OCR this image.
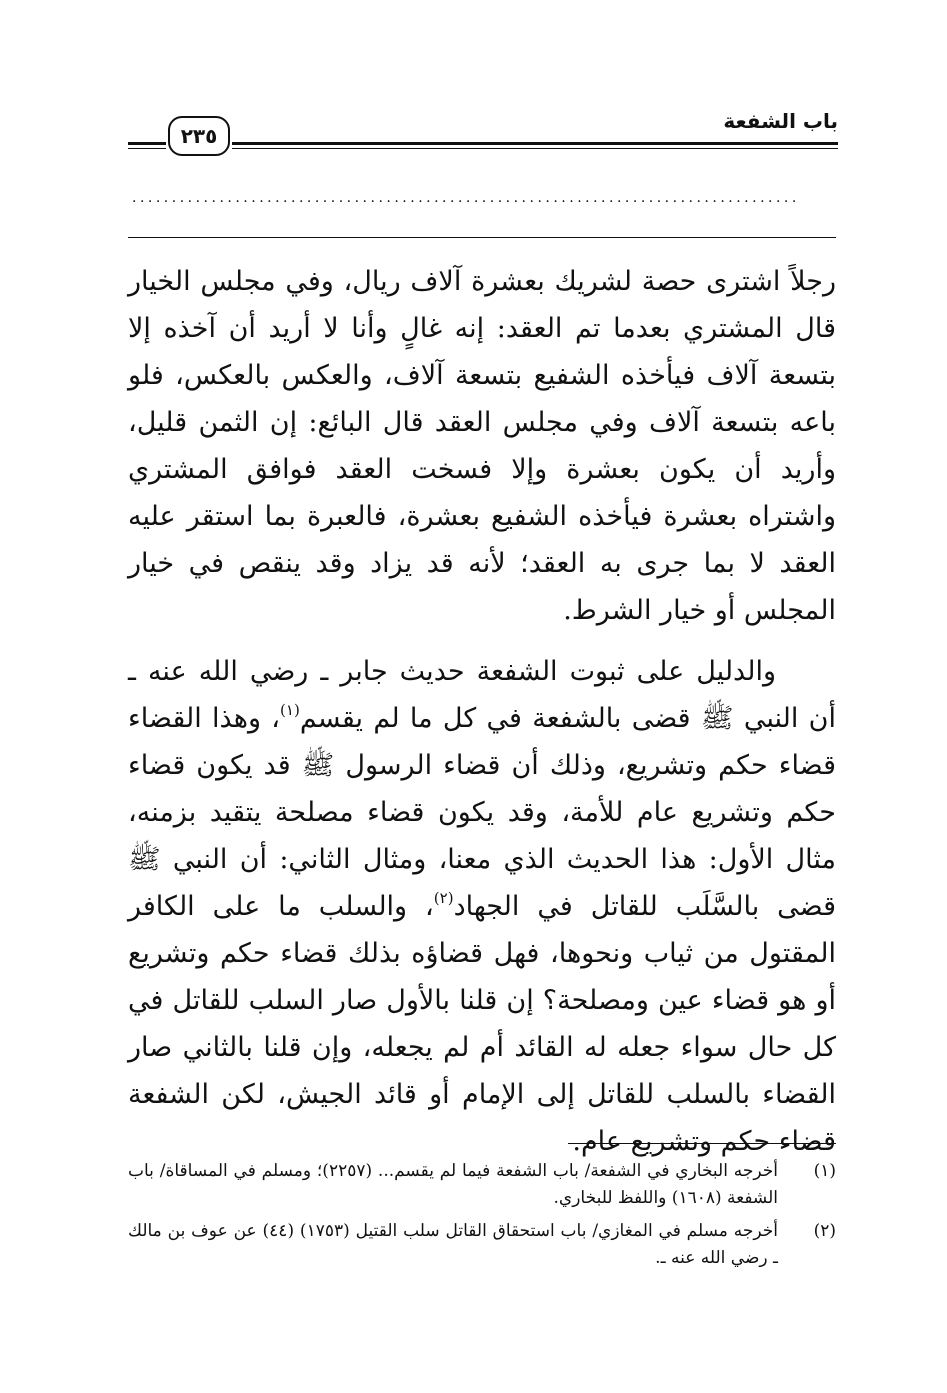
باب الشفعة
٢٣٥
....................................................................................

رجلاً اشترى حصة لشريك بعشرة آلاف ريال، وفي مجلس الخيار قال المشتري بعدما تم العقد: إنه غالٍ وأنا لا أريد أن آخذه إلا بتسعة آلاف فيأخذه الشفيع بتسعة آلاف، والعكس بالعكس، فلو باعه بتسعة آلاف وفي مجلس العقد قال البائع: إن الثمن قليل، وأريد أن يكون بعشرة وإلا فسخت العقد فوافق المشتري واشتراه بعشرة فيأخذه الشفيع بعشرة، فالعبرة بما استقر عليه العقد لا بما جرى به العقد؛ لأنه قد يزاد وقد ينقص في خيار المجلس أو خيار الشرط.

والدليل على ثبوت الشفعة حديث جابر ـ رضي الله عنه ـ أن النبي ﷺ قضى بالشفعة في كل ما لم يقسم$^{(١)}$، وهذا القضاء قضاء حكم وتشريع، وذلك أن قضاء الرسول ﷺ قد يكون قضاء حكم وتشريع عام للأمة، وقد يكون قضاء مصلحة يتقيد بزمنه، مثال الأول: هذا الحديث الذي معنا، ومثال الثاني: أن النبي ﷺ قضى بالسَّلَب للقاتل في الجهاد$^{(٢)}$، والسلب ما على الكافر المقتول من ثياب ونحوها، فهل قضاؤه بذلك قضاء حكم وتشريع أو هو قضاء عين ومصلحة؟ إن قلنا بالأول صار السلب للقاتل في كل حال سواء جعله له القائد أم لم يجعله، وإن قلنا بالثاني صار القضاء بالسلب للقاتل إلى الإمام أو قائد الجيش، لكن الشفعة قضاء حكم وتشريع عام.

(١)
أخرجه البخاري في الشفعة/ باب الشفعة فيما لم يقسم... (٢٢٥٧)؛ ومسلم في المساقاة/ باب الشفعة (١٦٠٨) واللفظ للبخاري.
(٢)
أخرجه مسلم في المغازي/ باب استحقاق القاتل سلب القتيل (١٧٥٣) (٤٤) عن عوف بن مالك ـ رضي الله عنه ـ.
